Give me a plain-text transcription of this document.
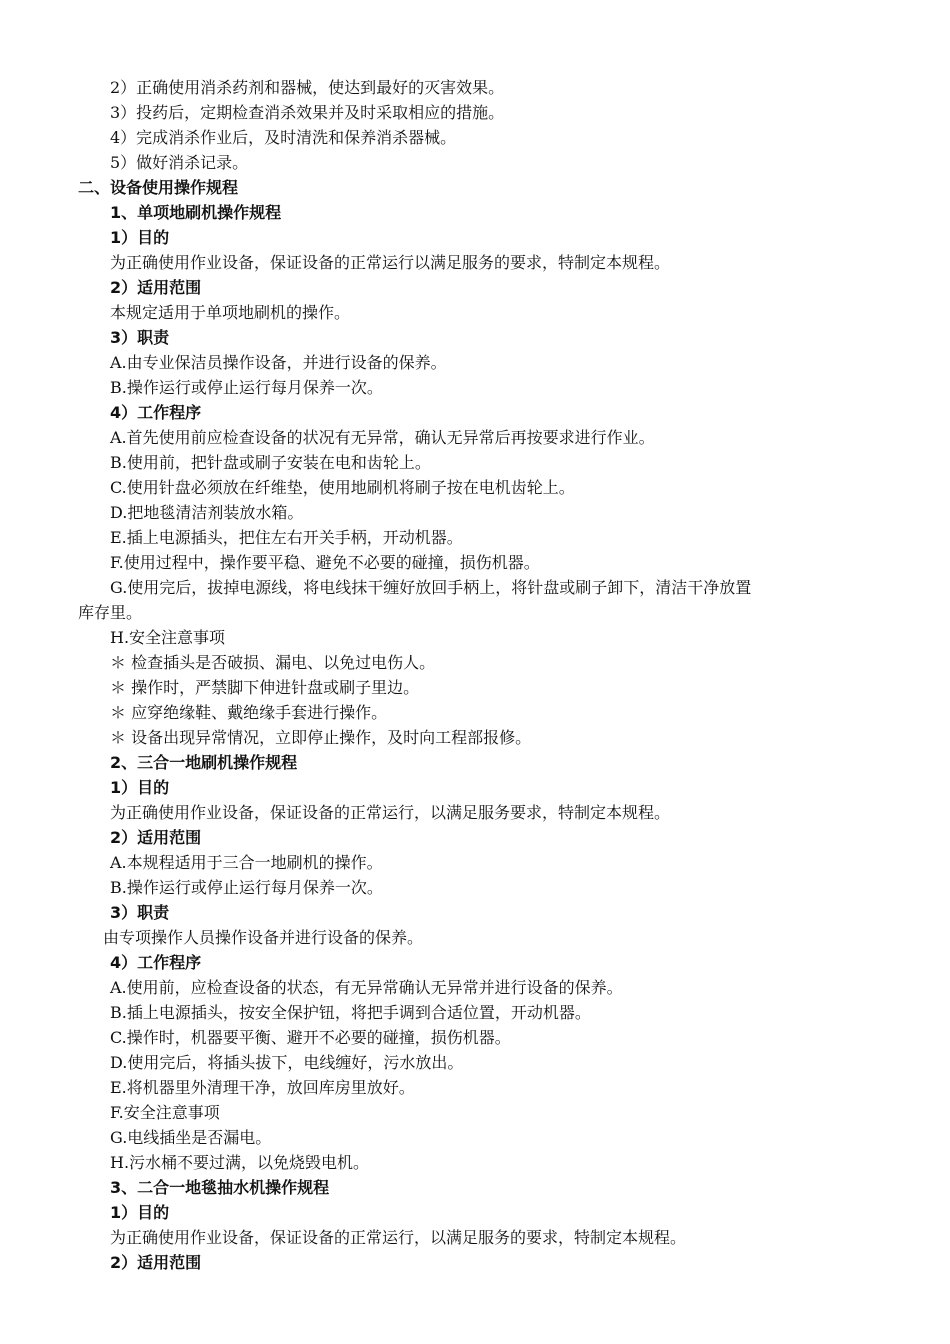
2）正确使用消杀药剂和器械，使达到最好的灭害效果。
3）投药后，定期检查消杀效果并及时采取相应的措施。
4）完成消杀作业后，及时清洗和保养消杀器械。
5）做好消杀记录。
二、设备使用操作规程
1、单项地刷机操作规程
1）目的
为正确使用作业设备，保证设备的正常运行以满足服务的要求，特制定本规程。
2）适用范围
本规定适用于单项地刷机的操作。
3）职责
A.由专业保洁员操作设备，并进行设备的保养。
B.操作运行或停止运行每月保养一次。
4）工作程序
A.首先使用前应检查设备的状况有无异常，确认无异常后再按要求进行作业。
B.使用前，把针盘或刷子安装在电和齿轮上。
C.使用针盘必须放在纤维垫，使用地刷机将刷子按在电机齿轮上。
D.把地毯清洁剂装放水箱。
E.插上电源插头，把住左右开关手柄，开动机器。
F.使用过程中，操作要平稳、避免不必要的碰撞，损伤机器。
G.使用完后，拔掉电源线，将电线抹干缠好放回手柄上，将针盘或刷子卸下，清洁干净放置
库存里。
H.安全注意事项
＊ 检查插头是否破损、漏电、以免过电伤人。
＊ 操作时，严禁脚下伸进针盘或刷子里边。
＊ 应穿绝缘鞋、戴绝缘手套进行操作。
＊ 设备出现异常情况，立即停止操作，及时向工程部报修。
2、三合一地刷机操作规程
1）目的
为正确使用作业设备，保证设备的正常运行，以满足服务要求，特制定本规程。
2）适用范围
A.本规程适用于三合一地刷机的操作。
B.操作运行或停止运行每月保养一次。
3）职责
由专项操作人员操作设备并进行设备的保养。
4）工作程序
A.使用前，应检查设备的状态，有无异常确认无异常并进行设备的保养。
B.插上电源插头，按安全保护钮，将把手调到合适位置，开动机器。
C.操作时，机器要平衡、避开不必要的碰撞，损伤机器。
D.使用完后，将插头拔下，电线缠好，污水放出。
E.将机器里外清理干净，放回库房里放好。
F.安全注意事项
G.电线插坐是否漏电。
H.污水桶不要过满，以免烧毁电机。
3、二合一地毯抽水机操作规程
1）目的
为正确使用作业设备，保证设备的正常运行，以满足服务的要求，特制定本规程。
2）适用范围
